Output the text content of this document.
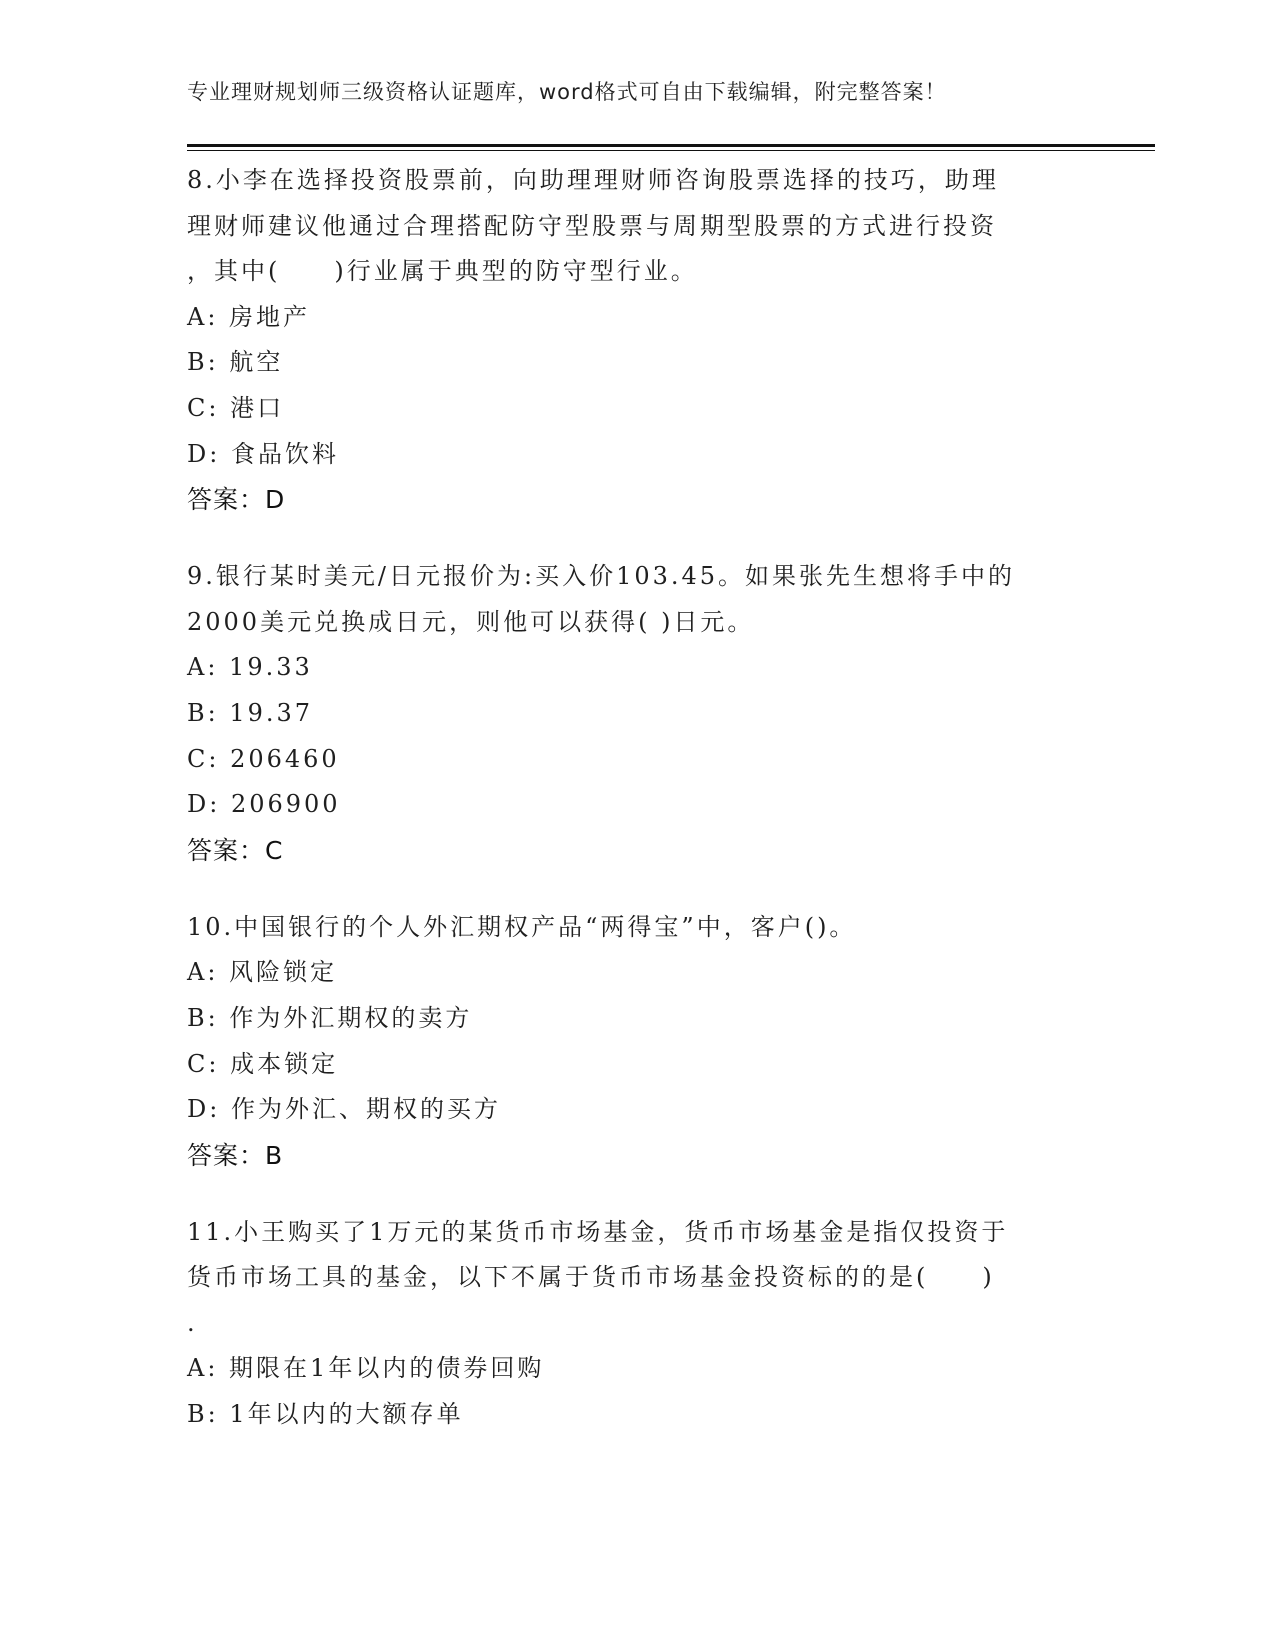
专业理财规划师三级资格认证题库，word格式可自由下载编辑，附完整答案！
8.小李在选择投资股票前，向助理理财师咨询股票选择的技巧，助理
理财师建议他通过合理搭配防守型股票与周期型股票的方式进行投资
，其中(　　)行业属于典型的防守型行业。
A: 房地产
B: 航空
C: 港口
D: 食品饮料
答案：D
9.银行某时美元/日元报价为:买入价103.45。如果张先生想将手中的
2000美元兑换成日元，则他可以获得( )日元。
A: 19.33
B: 19.37
C: 206460
D: 206900
答案：C
10.中国银行的个人外汇期权产品“两得宝”中，客户()。
A: 风险锁定
B: 作为外汇期权的卖方
C: 成本锁定
D: 作为外汇、期权的买方
答案：B
11.小王购买了1万元的某货币市场基金，货币市场基金是指仅投资于
货币市场工具的基金，以下不属于货币市场基金投资标的的是(　　)
.
A: 期限在1年以内的债券回购
B: 1年以内的大额存单
